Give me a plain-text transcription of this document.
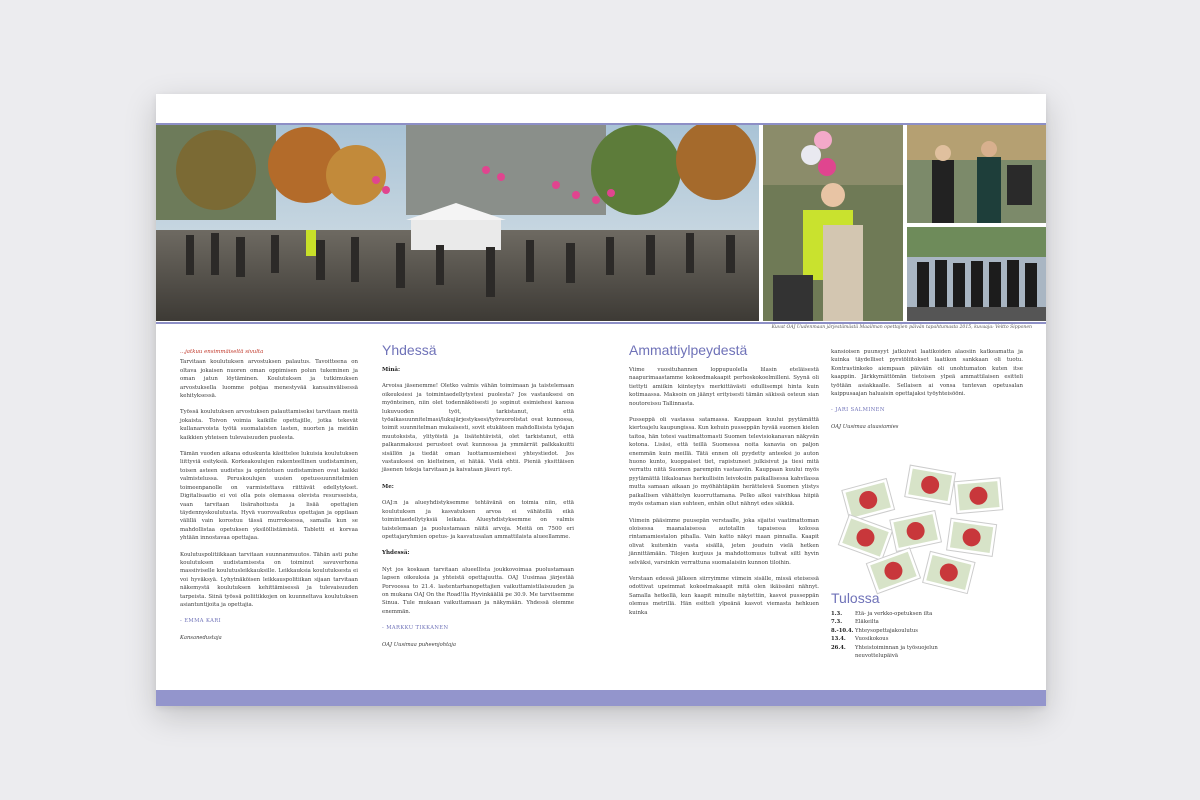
Kuvat OAJ Uudenmaan järjestämästä Maailman opettajien päivän tapahtumasta 2015, kuvaaja: Veitto Sipponen
...jatkuu ensimmäiseltä sivulta

Tarvitaan koulutuksen arvostuksen palautus. Tavoitteena on oltava jokaisen nuoren oman oppimisen polun tukeminen ja oman jatun löytäminen. Koulutuksen ja tutkimuksen arvostuksella luomme pohjaa menestyvää kansainvälisessä kehityksessä.

Työssä koulutuksen arvostuksen palauttamiseksi tarvitaan meitä jokaista. Toivon voimia kaikille opettajille, jotka tekevät kullanarvoista työtä suomalaisten lasten, nuorten ja meidän kaikkien yhteisen tulevaisuuden puolesta.

Tämän vuoden aikana eduskunta käsittelee lukuisia koulutuksen liittyviä esityksiä. Korkeakoulujen rakenteellinen uudistaminen, toisen asteen uudistus ja opintotuen uudistaminen ovat kaikki valmistelussa. Peruskoulujen uusien opetussuunnitelmien toimeenpanolle on varmistettava riittävät edellytykset. Digitalisaatio ei voi olla pois olemassa olevista resursseista, vaan tarvitaan lisärahoitusta ja lisää opettajien täydennyskoulutusta. Hyvä vuorovaikutus opettajan ja oppilaan välillä vain korostuu tässä murroksessa, samalla kun se mahdollistaa opetuksen yksilöllistämistä. Tabletti ei korvaa yhtään innostavaa opettajaa.

Koulutuspolitiikkaan tarvitaan suunnanmuutos. Tähän asti puhe koulutuksen uudistamisesta on toiminut savuverhona massiiviselle koulutusleikkauksille. Leikkauksia koulutuksesta ei voi hyväksyä. Lyhytnäköisen leikkauspolitiikan sijaan tarvitaan näkemystä koulutuksen kehittämisessä ja tulevaisuuden tarpeista. Siinä työssä poliitikkojen on kuunneltava koulutuksen asiantuntijoita ja opettajia.

- EMMA KARI

Kansanedustaja

Yhdessä

Minä:

Arvoisa jäsenemme! Oletko valmis vähän toimimaan ja taistelemaan oikeuksiesi ja toimintaedellytystesi puolesta? Jos vastauksesi on myönteinen, niin olet todennäköisesti jo sopinut esimiehesi kanssa lukuvuoden työt, tarkistanut, että työaikasuunnitelmasi/lukujärjestyksesi/työvuorolistat ovat kunnossa, toimit suunnitelman mukaisesti, sovit etukäteen mahdollisista työajan muutoksista, ylityöistä ja lisätehtävistä, olet tarkistanut, että palkanmaksusi perusteet ovat kunnossa ja ymmärrät palkkakuitti sisällön ja tiedät oman luottamusmiehesi yhteystiedot. Jos vastauksesi on kielteinen, ei hätää. Vielä ehtii. Pieniä yksittäisen jäsenen tekoja tarvitaan ja kaivataan jäsuri nyt.

Me:

OAJ:n ja alueyhdistyksemme tehtävänä on toimia niin, että koulutuksen ja kasvatuksen arvoa ei vähätellä eikä toimintaedellytyksiä leikata. Alueyhdistyksemme on valmis taistelemaan ja puolustamaan näitä arvoja. Meitä on 7500 eri opettajaryhmien opetus- ja kasvatusalan ammattilaista alueellamme.

Yhdessä:

Nyt jos koskaan tarvitaan alueellista joukkovoimaa puolustamaan lapsen oikeuksia ja yhteistä opettajuutta. OAJ Uusimaa järjestää Porvoossa to 21.4. lastentarhanopettajien vaikuttamistilaisuuden ja on mukana OAJ On the Road!lla Hyvinkäällä pe 30.9. Me tarvitsemme Sinua. Tule mukaan vaikuttamaan ja näkymään. Yhdessä olemme enemmän.

- MARKKU TIKKANEN

OAJ Uusimaa puheenjohtaja

Ammattiylpeydestä

Viime vuosituhannen loppupuolella lilasin eteläisestä naapurimaastamme kokoedmakaapit perhoskokoelmilleni. Syynä oli tiettyti amiikin kiinteytys merkittävästi edullisempi hinta kuin kotimaassa. Maksoin on jäänyt erityisesti tämän säkissä osteun sian noutoreissu Tallinnasta.

Pusseppä oli vastassa satamassa. Kauppaan kuului pyytämättä kiertoajelu kaupungissa. Kun kehuin pusseppän hyvää suomen kielen taitoa, hän totesi vaatimattomasti Suomen televisiokanavan näkyvän kotona. Lisäsi, että teillä Suomessa noita kanavia on paljon enemmän kuin meillä. Tätä ennen oli pyydetty anteeksi jo auton huono kunto, kuoppaiset tiet, rapistuneet julkisivut ja tiesi mitä verrattu niitä Suomen parempiin vastaaviin. Kauppaan kuului myös pyytämättä liikaloanas herkullisiin leivoksiin paikallisessa kahvilassa mutta samaan aikaan jo myöhähtäpäin herättelevä Suomen ylistys paikallisen vähättelyn kuorruttamana. Pelko alkoi vaivihkaa hiipiä myös ostaman sian suhteen, enhän ollut nähnyt edes säkkiä.

Viimein pääsimme puusepän verstaalle, joka sijaitsi vaatimattoman oloisessa maanalaisessa autotallin tapaisessa kolossa rintamamiestalon pihalla. Vain katto näkyi maan pinnalla. Kaapit olivat kuitenkin vasta sisällä, jeten jouduin vielä hetken jännittämään. Tilojen kurjuus ja mahdottomuus tulivat siltl hyvin selväksi, varsinkin verrattuna suomalaisiin kunnon tiloihin.

Verstaan edessä jälkeen siirryimme viimein sisälle, missä eteisessä odottivat upeimmat kokoelmakaapit mitä olen ikäissäni nähnyt. Samalla hetkellä, kun kaapit minulle näytettiin, kasvoi pusseppän olemus metrillä. Hän esitteli ylpeänä kasvot viemasta hehkuen kuinka

kansioisen puunsyyt jatkuivat laatikoiden alaosiin katkeamatta ja kuinka täydelliset pyrstöliitokset laatikon sankkaan oli tuotu. Kontrastinkeko aiempaan päivään oli unohtumaton kuten itse kaappiin. Järkkymättömän tietoisen ylpeä ammattilaisen esitteli työtään asiakkaalle. Sellaisen ai vonsa tuntevan opetusalan kaippusaajan haluaisin opettajaksi työyhteisööni.

- JARI SALMINEN

OAJ Uusimaa aluasiamies

Tulossa
1.3.	Etä- ja verkko-opetuksen iltа
7.3.	Eläkeilta
8.-10.4.	Yhteysopettajakoulutus
13.4.	Vuosikokous
26.4.	Yhteistoiminnan ja työsuojelun neuvottelupäivä
